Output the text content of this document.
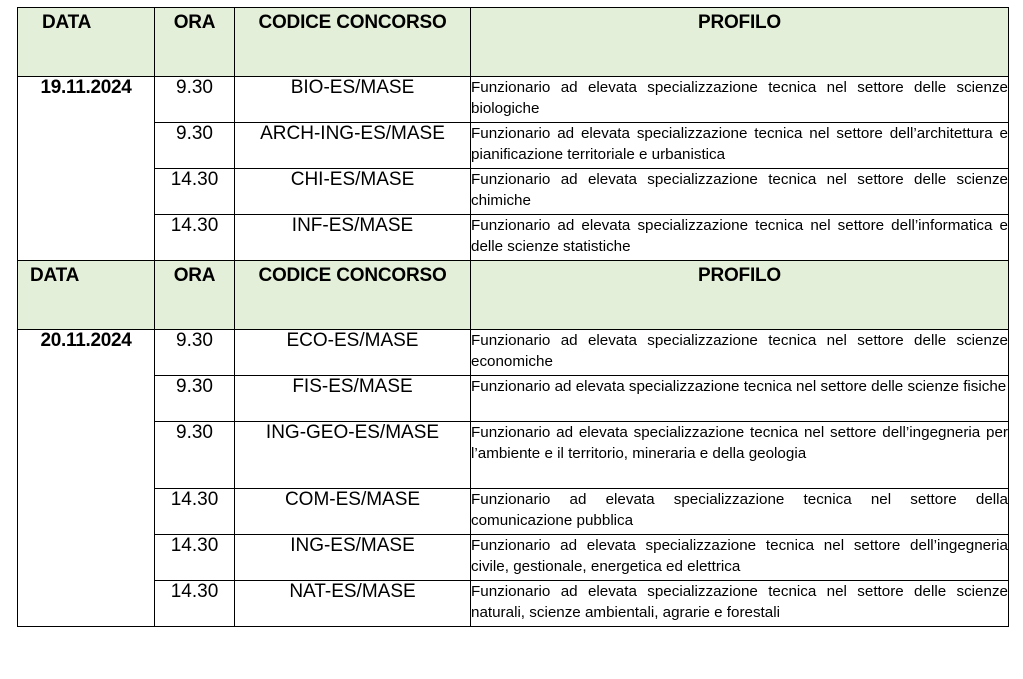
DATA	ORA	CODICE CONCORSO	PROFILO
19.11.2024	9.30	BIO-ES/MASE	Funzionario ad elevata specializzazione tecnica nel settore delle scienze biologiche
	9.30	ARCH-ING-ES/MASE	Funzionario ad elevata specializzazione tecnica nel settore dell’architettura e pianificazione territoriale e urbanistica
	14.30	CHI-ES/MASE	Funzionario ad elevata specializzazione tecnica nel settore delle scienze chimiche
	14.30	INF-ES/MASE	Funzionario ad elevata specializzazione tecnica nel settore dell’informatica e delle scienze statistiche
DATA	ORA	CODICE CONCORSO	PROFILO
20.11.2024	9.30	ECO-ES/MASE	Funzionario ad elevata specializzazione tecnica nel settore delle scienze economiche
	9.30	FIS-ES/MASE	Funzionario ad elevata specializzazione tecnica nel settore delle scienze fisiche
	9.30	ING-GEO-ES/MASE	Funzionario ad elevata specializzazione tecnica nel settore dell’ingegneria per l’ambiente e il territorio, mineraria e della geologia
	14.30	COM-ES/MASE	Funzionario ad elevata specializzazione tecnica nel settore della comunicazione pubblica
	14.30	ING-ES/MASE	Funzionario ad elevata specializzazione tecnica nel settore dell’ingegneria civile, gestionale, energetica ed elettrica
	14.30	NAT-ES/MASE	Funzionario ad elevata specializzazione tecnica nel settore delle scienze naturali, scienze ambientali, agrarie e forestali
